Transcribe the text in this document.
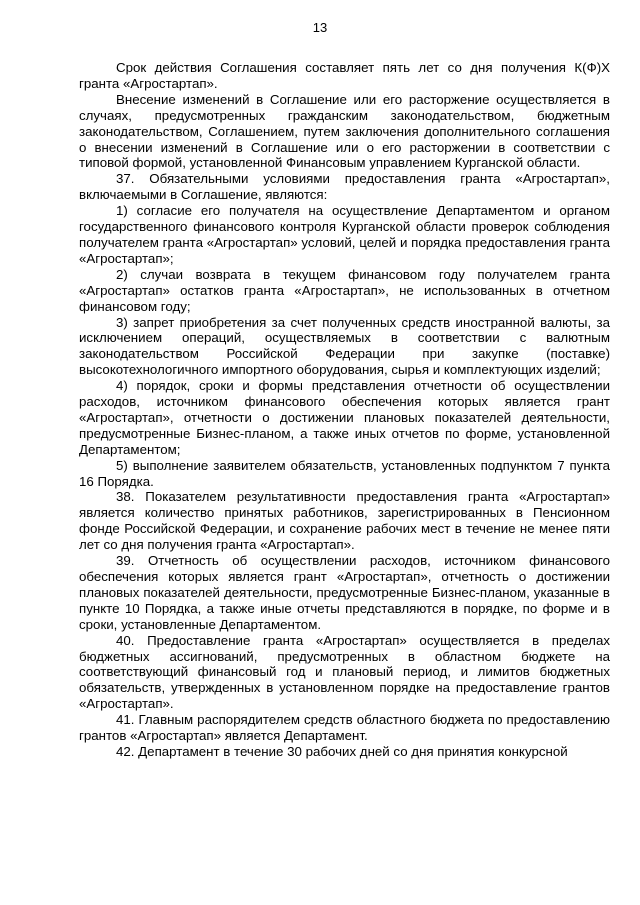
13

Срок действия Соглашения составляет пять лет со дня получения К(Ф)Х гранта «Агростартап».

Внесение изменений в Соглашение или его расторжение осуществляется в случаях, предусмотренных гражданским законодательством, бюджетным законодательством, Соглашением, путем заключения дополнительного соглашения о внесении изменений в Соглашение или о его расторжении в соответствии с типовой формой, установленной Финансовым управлением Курганской области.

37. Обязательными условиями предоставления гранта «Агростартап», включаемыми в Соглашение, являются:

1) согласие его получателя на осуществление Департаментом и органом государственного финансового контроля Курганской области проверок соблюдения получателем гранта «Агростартап» условий, целей и порядка предоставления гранта «Агростартап»;

2) случаи возврата в текущем финансовом году получателем гранта «Агростартап» остатков гранта «Агростартап», не использованных в отчетном финансовом году;

3) запрет приобретения за счет полученных средств иностранной валюты, за исключением операций, осуществляемых в соответствии с валютным законодательством Российской Федерации при закупке (поставке) высокотехнологичного импортного оборудования, сырья и комплектующих изделий;

4) порядок, сроки и формы представления отчетности об осуществлении расходов, источником финансового обеспечения которых является грант «Агростартап», отчетности о достижении плановых показателей деятельности, предусмотренные Бизнес-планом, а также иных отчетов по форме, установленной Департаментом;

5) выполнение заявителем обязательств, установленных подпунктом 7 пункта 16 Порядка.

38. Показателем результативности предоставления гранта «Агростартап» является количество принятых работников, зарегистрированных в Пенсионном фонде Российской Федерации, и сохранение рабочих мест в течение не менее пяти лет со дня получения гранта «Агростартап».

39. Отчетность об осуществлении расходов, источником финансового обеспечения которых является грант «Агростартап», отчетность о достижении плановых показателей деятельности, предусмотренные Бизнес-планом, указанные в пункте 10 Порядка, а также иные отчеты представляются в порядке, по форме и в сроки, установленные Департаментом.

40. Предоставление гранта «Агростартап» осуществляется в пределах бюджетных ассигнований, предусмотренных в областном бюджете на соответствующий финансовый год и плановый период, и лимитов бюджетных обязательств, утвержденных в установленном порядке на предоставление грантов «Агростартап».

41. Главным распорядителем средств областного бюджета по предоставлению грантов «Агростартап» является Департамент.

42. Департамент в течение 30 рабочих дней со дня принятия конкурсной
